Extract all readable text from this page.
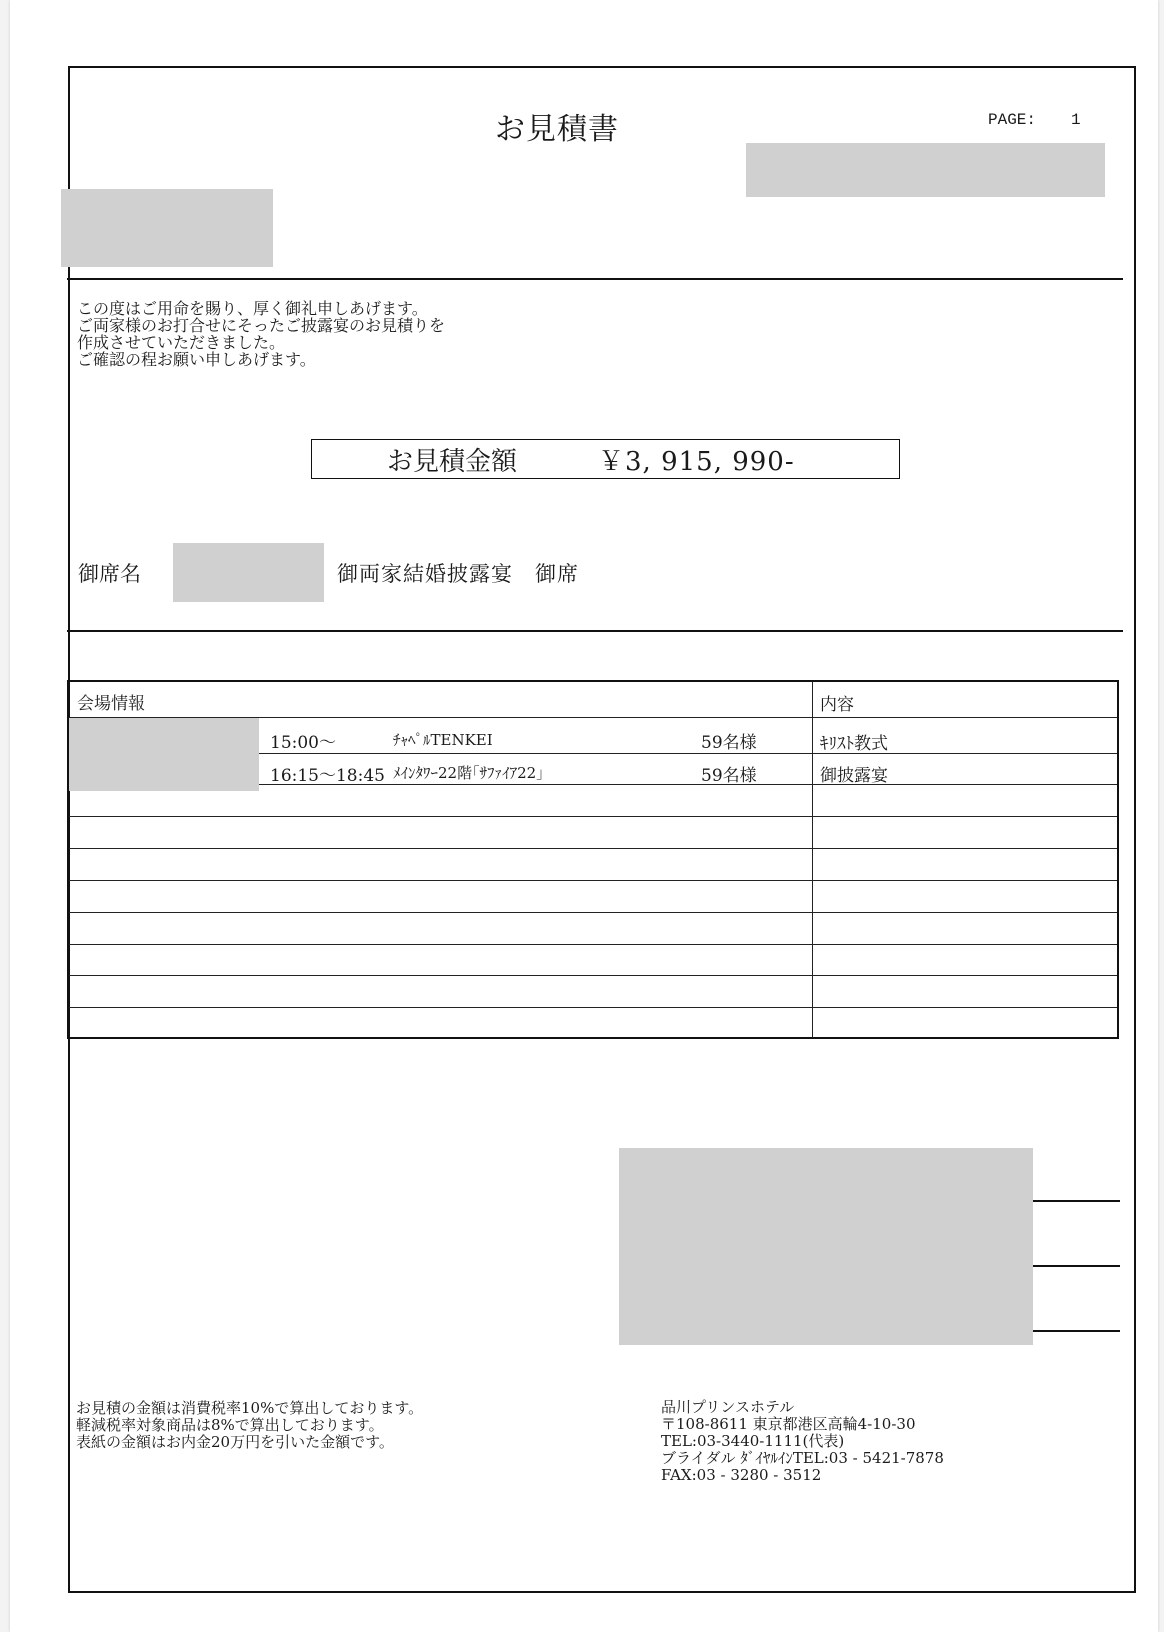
お見積書	PAGE: 1
この度はご用命を賜り、厚く御礼申しあげます。
ご両家様のお打合せにそったご披露宴のお見積りを
作成させていただきました。
ご確認の程お願い申しあげます。
お見積金額	￥3, 915, 990-
御席名	御両家結婚披露宴　御席
会場情報	内容
15:00～	ﾁｬﾍﾟﾙTENKEI	59名様	ｷﾘｽﾄ教式
16:15～18:45 ﾒｲﾝﾀﾜｰ22階｢ｻﾌｧｲｱ22｣	59名様	御披露宴
お見積の金額は消費税率10%で算出しております。
軽減税率対象商品は8%で算出しております。
表紙の金額はお内金20万円を引いた金額です。
品川プリンスホテル
〒108-8611 東京都港区高輪4-10-30
TEL:03-3440-1111(代表)
ブライダル ﾀﾞｲﾔﾙｲﾝTEL:03 - 5421-7878
FAX:03 - 3280 - 3512
